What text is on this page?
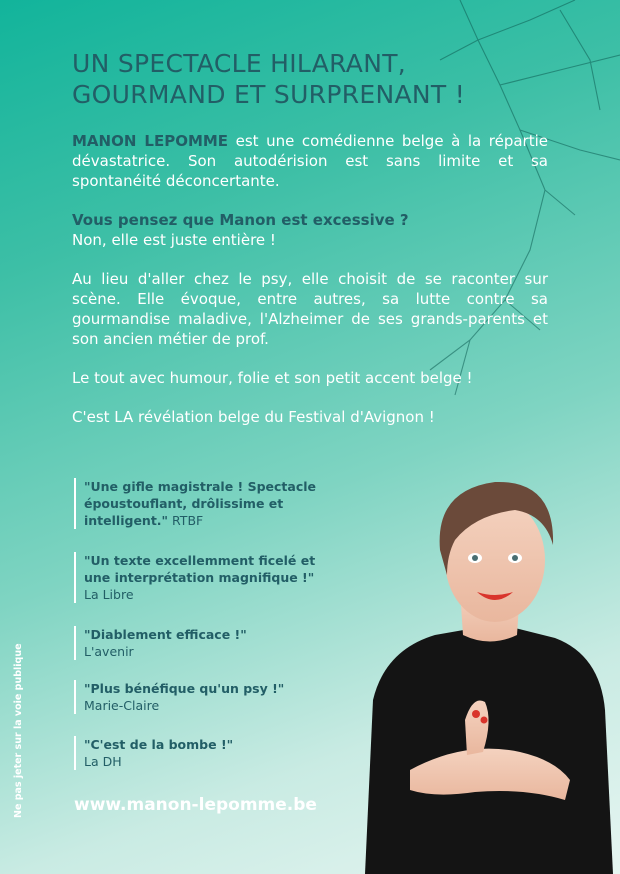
UN SPECTACLE HILARANT,
GOURMAND ET SURPRENANT !

MANON LEPOMME est une comédienne belge à la répartie dévastatrice. Son autodérision est sans limite et sa spontanéité déconcertante.

Vous pensez que Manon est excessive ?
Non, elle est juste entière !

Au lieu d'aller chez le psy, elle choisit de se raconter sur scène. Elle évoque, entre autres, sa lutte contre sa gourmandise maladive, l'Alzheimer de ses grands-parents et son ancien métier de prof.

Le tout avec humour, folie et son petit accent belge !

C'est LA révélation belge du Festival d'Avignon !

"Une gifle magistrale ! Spectacle époustouflant, drôlissime et intelligent." RTBF
"Un texte excellemment ficelé et une interprétation magnifique !"
La Libre
"Diablement efficace !"
L'avenir
"Plus bénéfique qu'un psy !"
Marie-Claire
"C'est de la bombe !"
La DH
Ne pas jeter sur la voie publique	www.manon-lepomme.be
